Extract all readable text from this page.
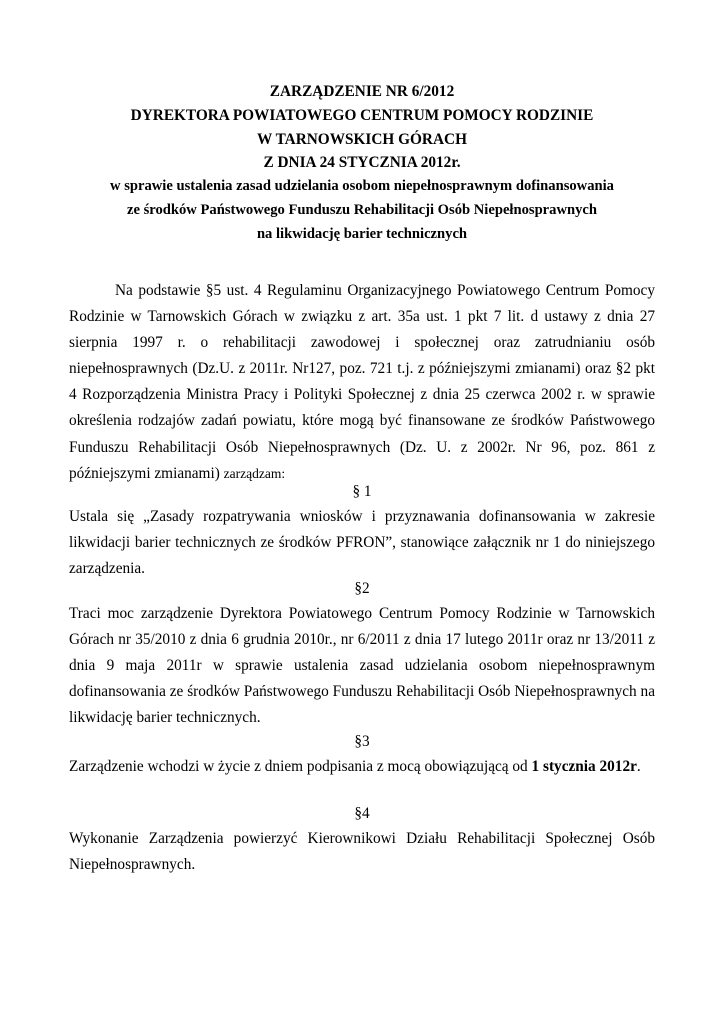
ZARZĄDZENIE NR 6/2012
DYREKTORA POWIATOWEGO CENTRUM POMOCY RODZINIE
W TARNOWSKICH GÓRACH
Z DNIA 24 STYCZNIA 2012r.
w sprawie ustalenia zasad udzielania osobom niepełnosprawnym dofinansowania
ze środków Państwowego Funduszu Rehabilitacji Osób Niepełnosprawnych
na likwidację barier technicznych

Na podstawie §5 ust. 4 Regulaminu Organizacyjnego Powiatowego Centrum Pomocy Rodzinie w Tarnowskich Górach w związku z art. 35a ust. 1 pkt 7 lit. d ustawy z dnia 27 sierpnia 1997 r. o rehabilitacji zawodowej i społecznej oraz zatrudnianiu osób niepełnosprawnych (Dz.U. z 2011r. Nr127, poz. 721 t.j. z późniejszymi zmianami) oraz §2 pkt 4 Rozporządzenia Ministra Pracy i Polityki Społecznej z dnia 25 czerwca 2002 r. w sprawie określenia rodzajów zadań powiatu, które mogą być finansowane ze środków Państwowego Funduszu Rehabilitacji Osób Niepełnosprawnych (Dz. U. z 2002r. Nr 96, poz. 861 z późniejszymi zmianami) zarządzam:

§ 1

Ustala się „Zasady rozpatrywania wniosków i przyznawania dofinansowania w zakresie likwidacji barier technicznych ze środków PFRON”, stanowiące załącznik nr 1 do niniejszego zarządzenia.

§2

Traci moc zarządzenie Dyrektora Powiatowego Centrum Pomocy Rodzinie w Tarnowskich Górach nr 35/2010 z dnia 6 grudnia 2010r., nr 6/2011 z dnia 17 lutego 2011r oraz nr 13/2011 z dnia 9 maja 2011r w sprawie ustalenia zasad udzielania osobom niepełnosprawnym dofinansowania ze środków Państwowego Funduszu Rehabilitacji Osób Niepełnosprawnych na likwidację barier technicznych.

§3

Zarządzenie wchodzi w życie z dniem podpisania z mocą obowiązującą od 1 stycznia 2012r.

§4
Wykonanie Zarządzenia powierzyć Kierownikowi Działu Rehabilitacji Społecznej Osób
Niepełnosprawnych.
